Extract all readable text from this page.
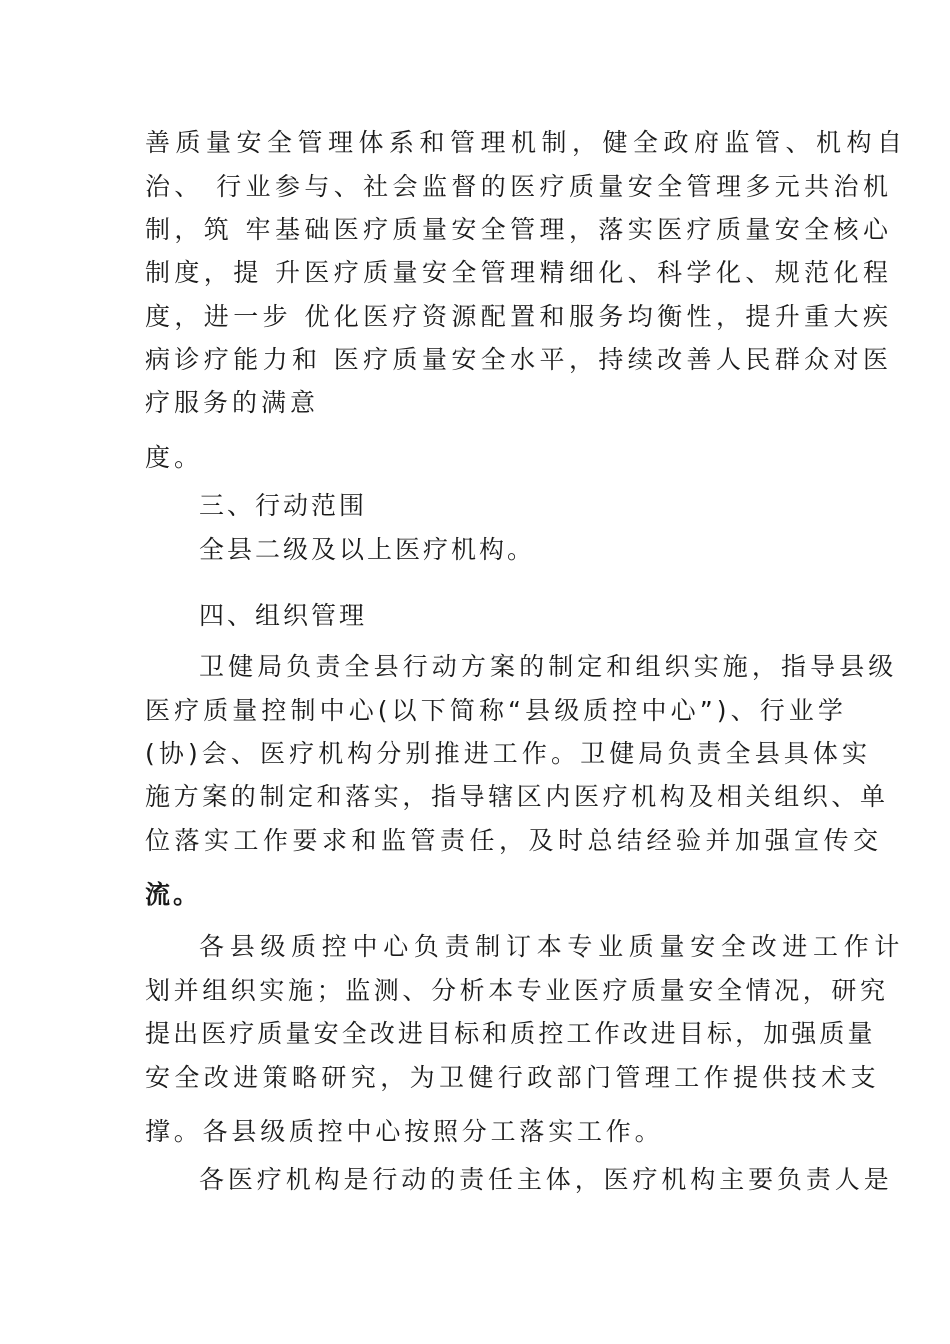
善质量安全管理体系和管理机制，健全政府监管、机构自

治、 行业参与、社会监督的医疗质量安全管理多元共治机

制，筑 牢基础医疗质量安全管理，落实医疗质量安全核心

制度，提 升医疗质量安全管理精细化、科学化、规范化程

度，进一步 优化医疗资源配置和服务均衡性，提升重大疾

病诊疗能力和 医疗质量安全水平，持续改善人民群众对医

疗服务的满意

度。

三、行动范围

全县二级及以上医疗机构。

四、组织管理

卫健局负责全县行动方案的制定和组织实施，指导县级

医疗质量控制中心(以下简称“县级质控中心”)、行业学

(协)会、医疗机构分别推进工作。卫健局负责全县具体实

施方案的制定和落实，指导辖区内医疗机构及相关组织、单

位落实工作要求和监管责任，及时总结经验并加强宣传交

流。

各县级质控中心负责制订本专业质量安全改进工作计

划并组织实施；监测、分析本专业医疗质量安全情况，研究

提出医疗质量安全改进目标和质控工作改进目标，加强质量

安全改进策略研究，为卫健行政部门管理工作提供技术支

撑。各县级质控中心按照分工落实工作。

各医疗机构是行动的责任主体，医疗机构主要负责人是
